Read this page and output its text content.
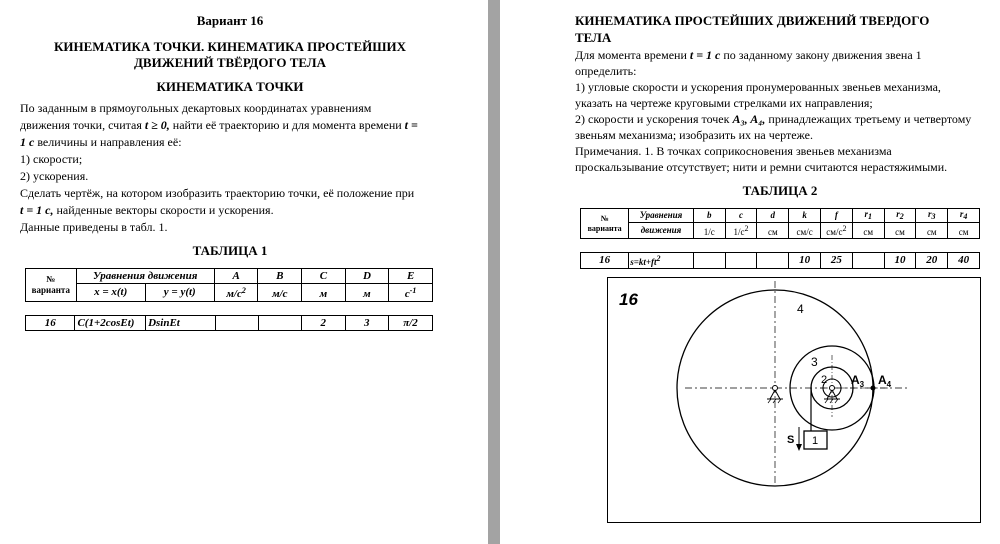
Вариант 16
КИНЕМАТИКА ТОЧКИ. КИНЕМАТИКА ПРОСТЕЙШИХ
ДВИЖЕНИЙ ТВЁРДОГО ТЕЛА
КИНЕМАТИКА ТОЧКИ
По заданным в прямоугольных декартовых координатах уравнениям
движения точки, считая t ≥ 0, найти её траекторию и для момента времени t =
1 c величины и направления её:
1) скорости;
2) ускорения.
Сделать чертёж, на котором изобразить траекторию точки, её положение при
t = 1 c, найденные векторы скорости и ускорения.
Данные приведены в табл. 1.
ТАБЛИЦА 1
№
варианта	Уравнения движения		A	B	C	D	E
	x = x(t)	y = y(t)	$м/с^2$	м/с	м	м	$с^{-1}$
16	C(1+2cosEt)	DsinEt			2	3	π/2
КИНЕМАТИКА ПРОСТЕЙШИХ ДВИЖЕНИЙ ТВЕРДОГО
ТЕЛА
Для момента времени t = 1 c по заданному закону движения звена 1
определить:
1) угловые скорости и ускорения пронумерованных звеньев механизма,
указать на чертеже круговыми стрелками их направления;
2) скорости и ускорения точек A₃, A₄, принадлежащих третьему и четвертому
звеньям механизма; изобразить их на чертеже.
Примечания. 1. В точках соприкосновения звеньев механизма
проскальзывание отсутствует; нити и ремни считаются нерастяжимыми.
ТАБЛИЦА 2
№
варианта	Уравнения	b	c	d	k	f	r1	r2	r3	r4
	движения	1/с	1/с2	см	см/с	см/с2	см	см	см	см
16	s=kt+ft2				10	25		10	20	40
16	4
3
2
1
S
$A_3$ $A_4$
